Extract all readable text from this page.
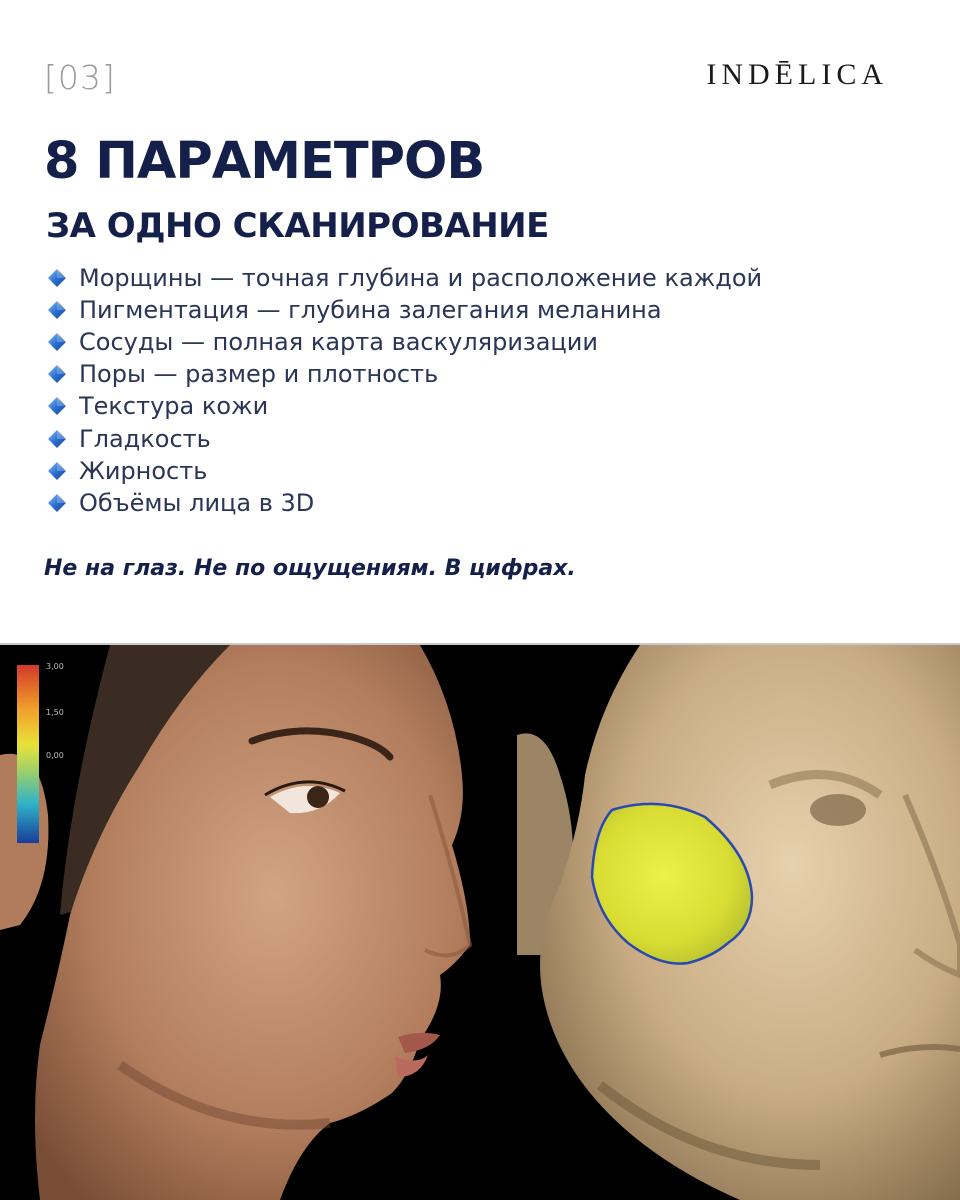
[03]	INDĒLICA
8 ПАРАМЕТРОВ
ЗА ОДНО СКАНИРОВАНИЕ
Морщины — точная глубина и расположение каждой
Пигментация — глубина залегания меланина
Сосуды — полная карта васкуляризации
Поры — размер и плотность
Текстура кожи
Гладкость
Жирность
Объёмы лица в 3D
Не на глаз. Не по ощущениям. В цифрах.
3,00
1,50
0,00
